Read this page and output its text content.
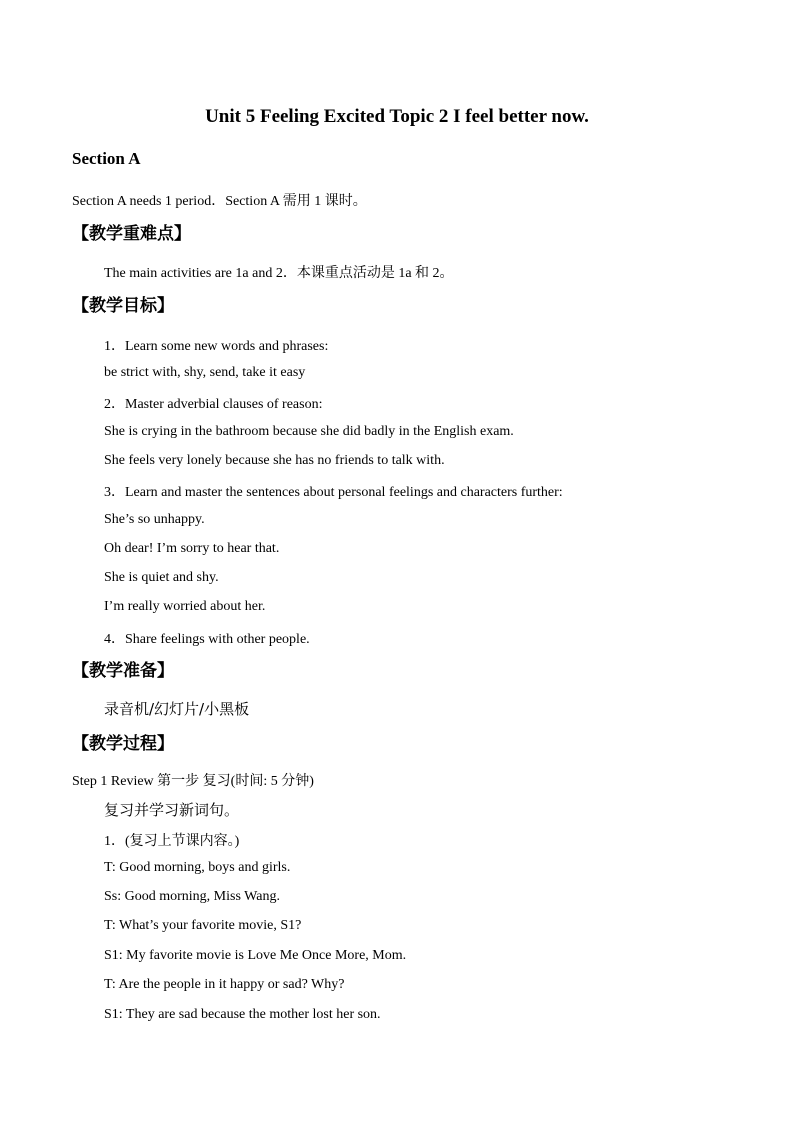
Unit 5 Feeling Excited Topic 2 I feel better now.
Section A
Section A needs 1 period．Section A 需用 1 课时。
【教学重难点】
The main activities are 1a and 2．本课重点活动是 1a 和 2。
【教学目标】
1．Learn some new words and phrases:
be strict with, shy, send, take it easy
2．Master adverbial clauses of reason:
She is crying in the bathroom because she did badly in the English exam.
She feels very lonely because she has no friends to talk with.
3．Learn and master the sentences about personal feelings and characters further:
She’s so unhappy.
Oh dear! I’m sorry to hear that.
She is quiet and shy.
I’m really worried about her.
4．Share feelings with other people.
【教学准备】
录音机/幻灯片/小黑板
【教学过程】
Step 1 Review 第一步 复习(时间: 5 分钟)
复习并学习新词句。
1．(复习上节课内容。)
T: Good morning, boys and girls.
Ss: Good morning, Miss Wang.
T: What’s your favorite movie, S1?
S1: My favorite movie is Love Me Once More, Mom.
T: Are the people in it happy or sad? Why?
S1: They are sad because the mother lost her son.
